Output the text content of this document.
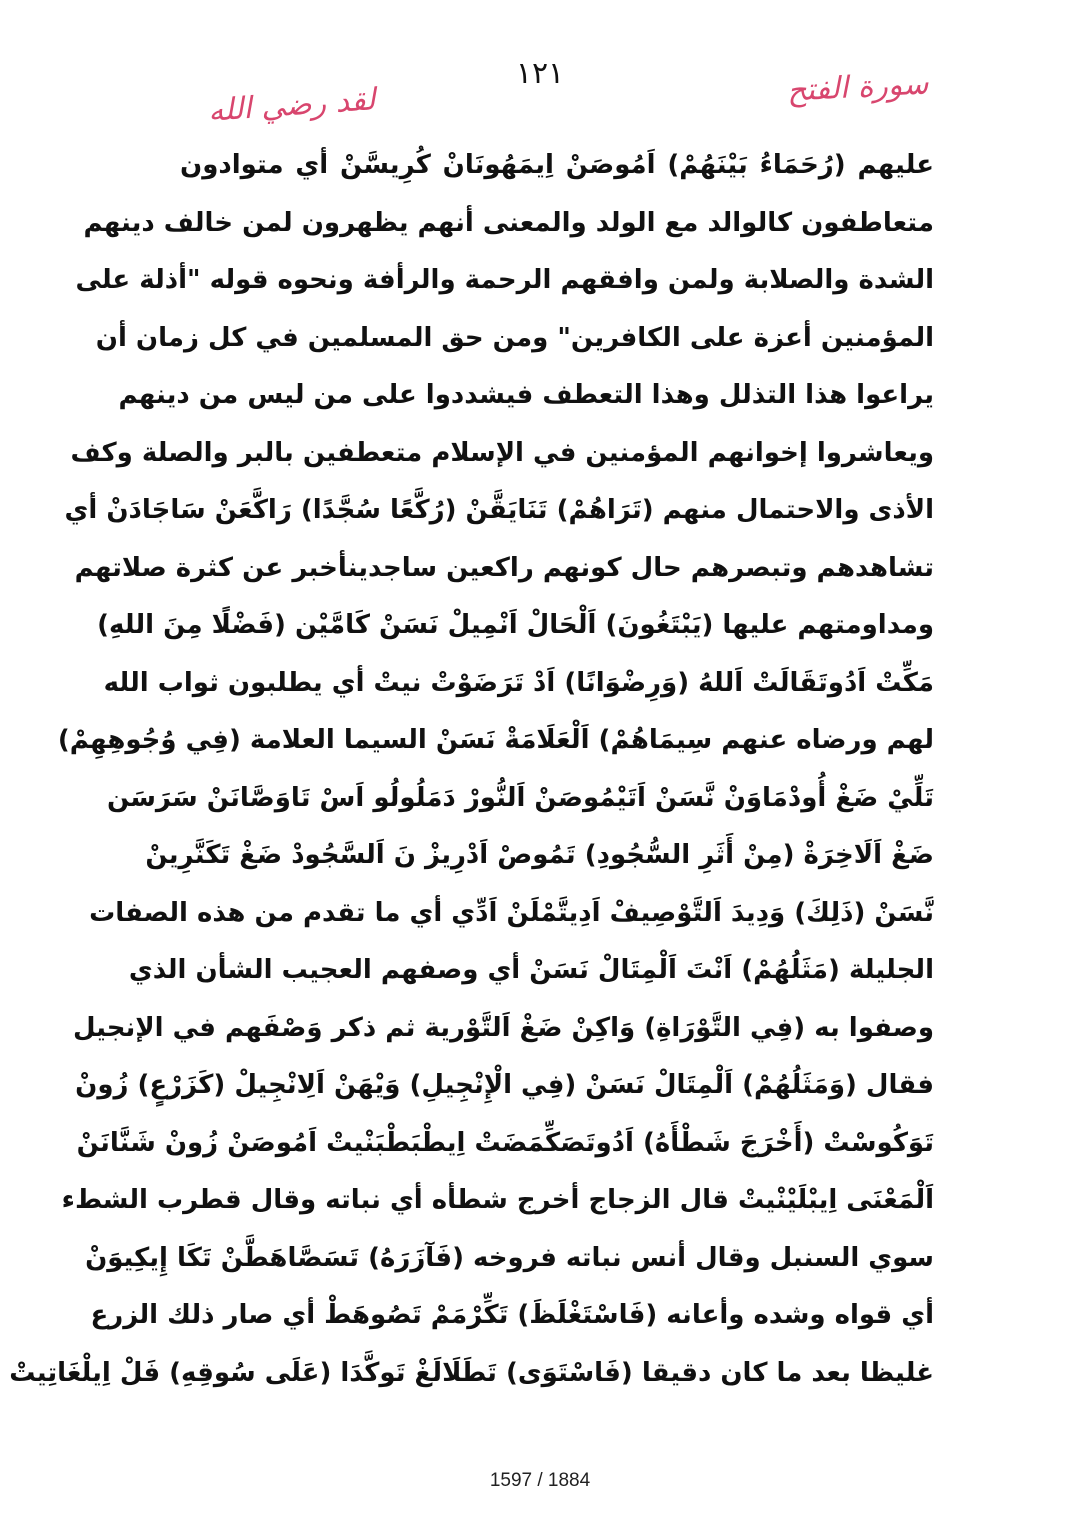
١٢١	سورة الفتح
لقد رضي الله
عليهم (رُحَمَاءُ بَيْنَهُمْ) اَمُوصَنْ اِيمَهُونَانْ كُرِيسَّنْ أي متوادون
متعاطفون كالوالد مع الولد والمعنى أنهم يظهرون لمن خالف دينهم
الشدة والصلابة ولمن وافقهم الرحمة والرأفة ونحوه قوله "أذلة على
المؤمنين أعزة على الكافرين" ومن حق المسلمين في كل زمان أن
يراعوا هذا التذلل وهذا التعطف فيشددوا على من ليس من دينهم
ويعاشروا إخوانهم المؤمنين في الإسلام متعطفين بالبر والصلة وكف
الأذى والاحتمال منهم (تَرَاهُمْ) تَنَايَقَّنْ (رُكَّعًا سُجَّدًا) رَاكَّعَنْ سَاجَادَنْ أي
تشاهدهم وتبصرهم حال كونهم راكعين ساجدينأخبر عن كثرة صلاتهم
ومداومتهم عليها (يَبْتَغُونَ) اَلْحَالْ اَنْمِيلْ نَسَنْ كَامَّيْن (فَضْلًا مِنَ اللهِ)
مَكِّتْ اَدُوتَقَالَتْ اَللهُ (وَرِضْوَانًا) اَدْ تَرَضَوْتْ نيتْ أي يطلبون ثواب الله
لهم ورضاه عنهم سِيمَاهُمْ) اَلْعَلَامَةْ نَسَنْ السيما العلامة (فِي وُجُوهِهِمْ)
تَلِّيْ ضَغْ أُودْمَاوَنْ نَّسَنْ اَتَيْمُوصَنْ اَلنُّورْ دَمَلُولُو اَسْ تَاوَصَّانَنْ سَرَسَن
ضَغْ اَلَاخِرَةْ (مِنْ أَثَرِ السُّجُودِ) تَمُوصْ اَدْرِيزْ نَ اَلسَّجُودْ ضَغْ تَكَنَّرِينْ
نَّسَنْ (ذَلِكَ) وَدِيدَ اَلتَّوْصِيفْ اَدِيتَّمْلَنْ اَدِّي أي ما تقدم من هذه الصفات
الجليلة (مَثَلُهُمْ) اَنْتَ اَلْمِتَالْ نَسَنْ أي وصفهم العجيب الشأن الذي
وصفوا به (فِي التَّوْرَاةِ) وَاكِنْ ضَغْ اَلتَّوْرية ثم ذكر وَصْفَهم في الإنجيل
فقال (وَمَثَلُهُمْ) اَلْمِتَالْ نَسَنْ (فِي الْإِنْجِيلِ) وَيْهَنْ اَلِانْجِيلْ (كَزَرْعٍ) زُونْ
تَوَكُوسْتْ (أَخْرَجَ شَطْأَهُ) اَدُوتَصَكِّمَضَتْ اِيطْبَطْبَنْيتْ اَمُوصَنْ زُونْ شَنَّانَنْ
اَلْمَعْنَى اِيبْلَيْنْيتْ قال الزجاج أخرج شطأه أي نباته وقال قطرب الشطء
سوي السنبل وقال أنس نباته فروخه (فَآزَرَهُ) تَسَصَّاهَطَّنْ تَكَا إِيكِيوَنْ
أي قواه وشده وأعانه (فَاسْتَغْلَظَ) تَكِّرْمَمْ تَصُوهَطْ أي صار ذلك الزرع
غليظا بعد ما كان دقيقا (فَاسْتَوَى) تَطَلَالَغْ تَوكَّدَا (عَلَى سُوقِهِ) فَلْ اِيلْغَاتِيتْ
1597 / 1884
